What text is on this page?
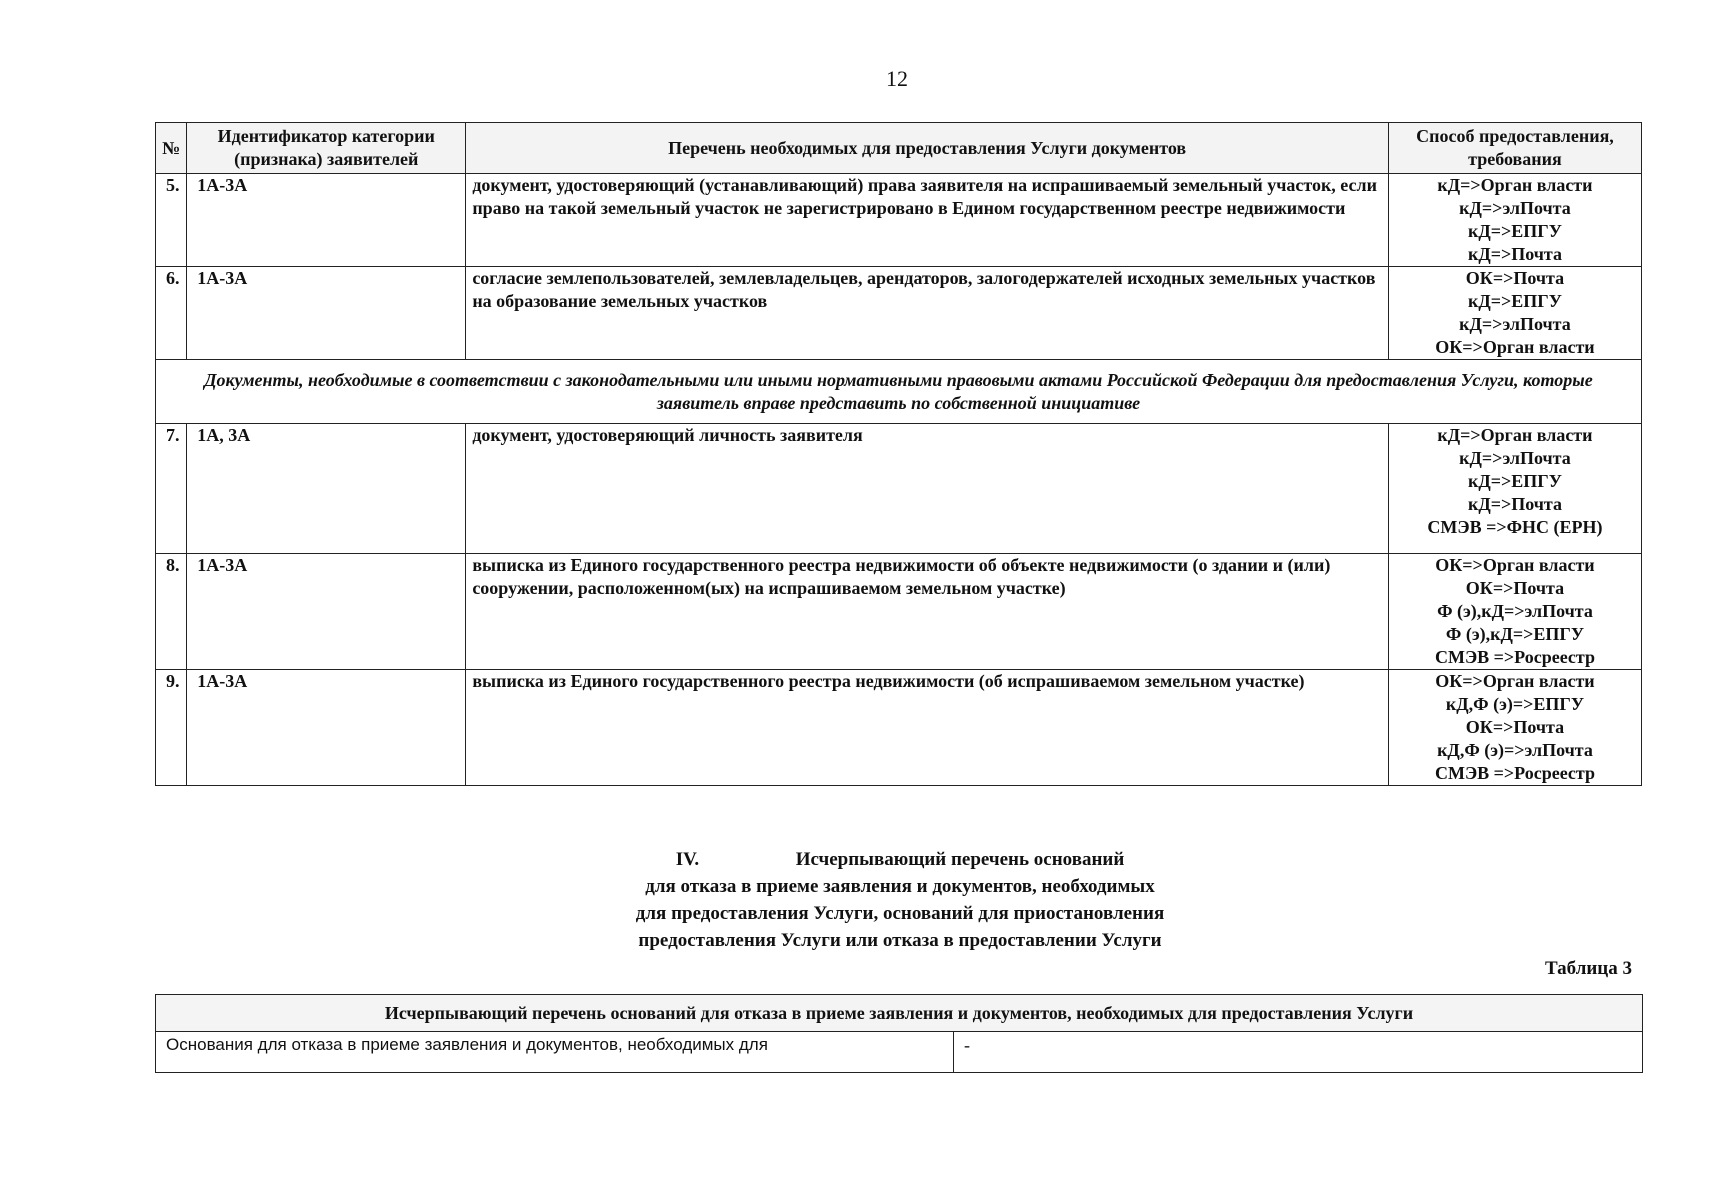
12
№	Идентификатор категории (признака) заявителей	Перечень необходимых для предоставления Услуги документов	Способ предоставления, требования
5.	1А-3А	документ, удостоверяющий (устанавливающий) права заявителя на испрашиваемый земельный участок, если право на такой земельный участок не зарегистрировано в Едином государственном реестре недвижимости	кД=>Орган власти
кД=>элПочта
кД=>ЕПГУ
кД=>Почта

6.	1А-3А	согласие землепользователей, землевладельцев, арендаторов, залогодержателей исходных земельных участков на образование земельных участков	ОК=>Почта
кД=>ЕПГУ
кД=>элПочта
ОК=>Орган власти

Документы, необходимые в соответствии с законодательными или иными нормативными правовыми актами Российской Федерации для предоставления Услуги, которые заявитель вправе представить по собственной инициативе			
7.	1А, 3А	документ, удостоверяющий личность заявителя	кД=>Орган власти
кД=>элПочта
кД=>ЕПГУ
кД=>Почта
СМЭВ =>ФНС (ЕРН)

8.	1А-3А	выписка из Единого государственного реестра недвижимости об объекте недвижимости (о здании и (или) сооружении, расположенном(ых) на испрашиваемом земельном участке)	ОК=>Орган власти
ОК=>Почта
Ф (э),кД=>элПочта
Ф (э),кД=>ЕПГУ
СМЭВ =>Росреестр

9.	1А-3А	выписка из Единого государственного реестра недвижимости (об испрашиваемом земельном участке)	ОК=>Орган власти
кД,Ф (э)=>ЕПГУ
ОК=>Почта
кД,Ф (э)=>элПочта
СМЭВ =>Росреестр
IV.	Исчерпывающий перечень оснований
для отказа в приеме заявления и документов, необходимых
для предоставления Услуги, оснований для приостановления
предоставления Услуги или отказа в предоставлении Услуги
Таблица 3
Исчерпывающий перечень оснований для отказа в приеме заявления и документов, необходимых для предоставления Услуги
Основания для отказа в приеме заявления и документов, необходимых для	-
